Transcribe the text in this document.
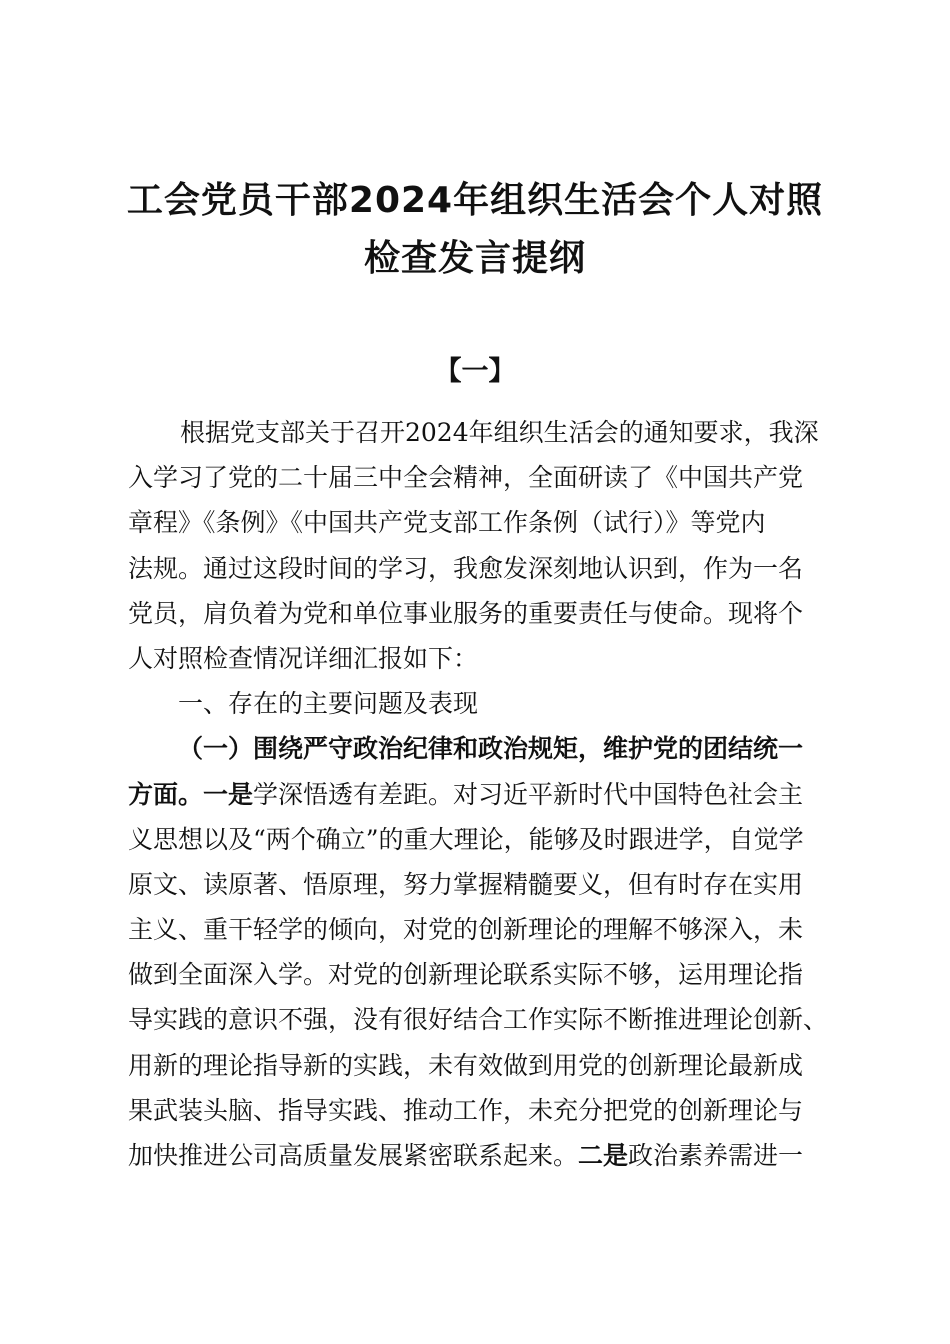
工会党员干部2024年组织生活会个人对照
检查发言提纲
【一】
根据党支部关于召开2024年组织生活会的通知要求，我深
入学习了党的二十届三中全会精神，全面研读了《中国共产党
章程》《条例》《中国共产党支部工作条例（试行）》等党内
法规。通过这段时间的学习，我愈发深刻地认识到，作为一名
党员，肩负着为党和单位事业服务的重要责任与使命。现将个
人对照检查情况详细汇报如下：
一、存在的主要问题及表现
（一）围绕严守政治纪律和政治规矩，维护党的团结统一
方面。一是学深悟透有差距。对习近平新时代中国特色社会主
义思想以及“两个确立”的重大理论，能够及时跟进学，自觉学
原文、读原著、悟原理，努力掌握精髓要义，但有时存在实用
主义、重干轻学的倾向，对党的创新理论的理解不够深入，未
做到全面深入学。对党的创新理论联系实际不够，运用理论指
导实践的意识不强，没有很好结合工作实际不断推进理论创新、
用新的理论指导新的实践，未有效做到用党的创新理论最新成
果武装头脑、指导实践、推动工作，未充分把党的创新理论与
加快推进公司高质量发展紧密联系起来。二是政治素养需进一
